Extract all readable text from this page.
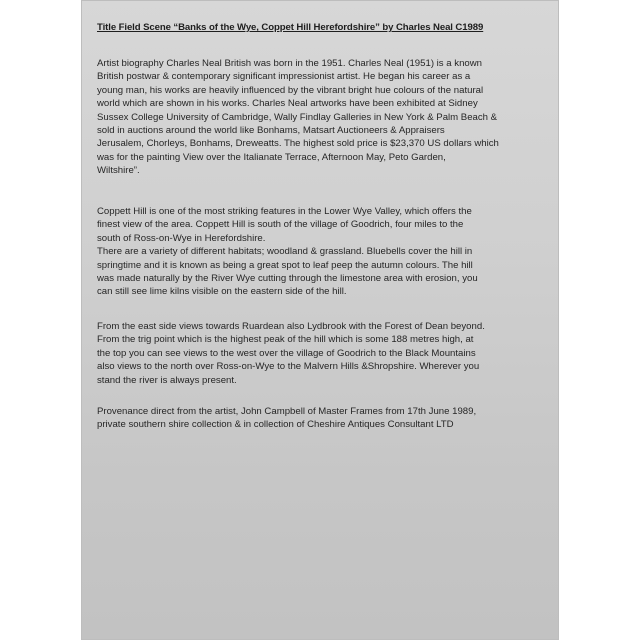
Title Field Scene “Banks of the Wye, Coppet Hill Herefordshire” by Charles Neal C1989
Artist biography Charles Neal British was born in the 1951. Charles Neal (1951) is a known
British postwar & contemporary significant impressionist artist. He began his career as a
young man, his works are heavily influenced by the vibrant bright hue colours of the natural
world which are shown in his works. Charles Neal artworks have been exhibited at Sidney
Sussex College University of Cambridge, Wally Findlay Galleries in New York & Palm Beach &
sold in auctions around the world like Bonhams, Matsart Auctioneers & Appraisers
Jerusalem, Chorleys, Bonhams, Dreweatts. The highest sold price is $23,370 US dollars which
was for the painting View over the Italianate Terrace, Afternoon May, Peto Garden,
Wiltshire”.
Coppett Hill is one of the most striking features in the Lower Wye Valley, which offers the
finest view of the area. Coppett Hill is south of the village of Goodrich, four miles to the
south of Ross-on-Wye in Herefordshire.
There are a variety of different habitats; woodland & grassland. Bluebells cover the hill in
springtime and it is known as being a great spot to leaf peep the autumn colours. The hill
was made naturally by the River Wye cutting through the limestone area with erosion, you
can still see lime kilns visible on the eastern side of the hill.
From the east side views towards Ruardean also Lydbrook with the Forest of Dean beyond.
From the trig point which is the highest peak of the hill which is some 188 metres high, at
the top you can see views to the west over the village of Goodrich to the Black Mountains
also views to the north over Ross-on-Wye to the Malvern Hills &Shropshire. Wherever you
stand the river is always present.
Provenance direct from the artist, John Campbell of Master Frames from 17th June 1989,
private southern shire collection & in collection of Cheshire Antiques Consultant LTD
